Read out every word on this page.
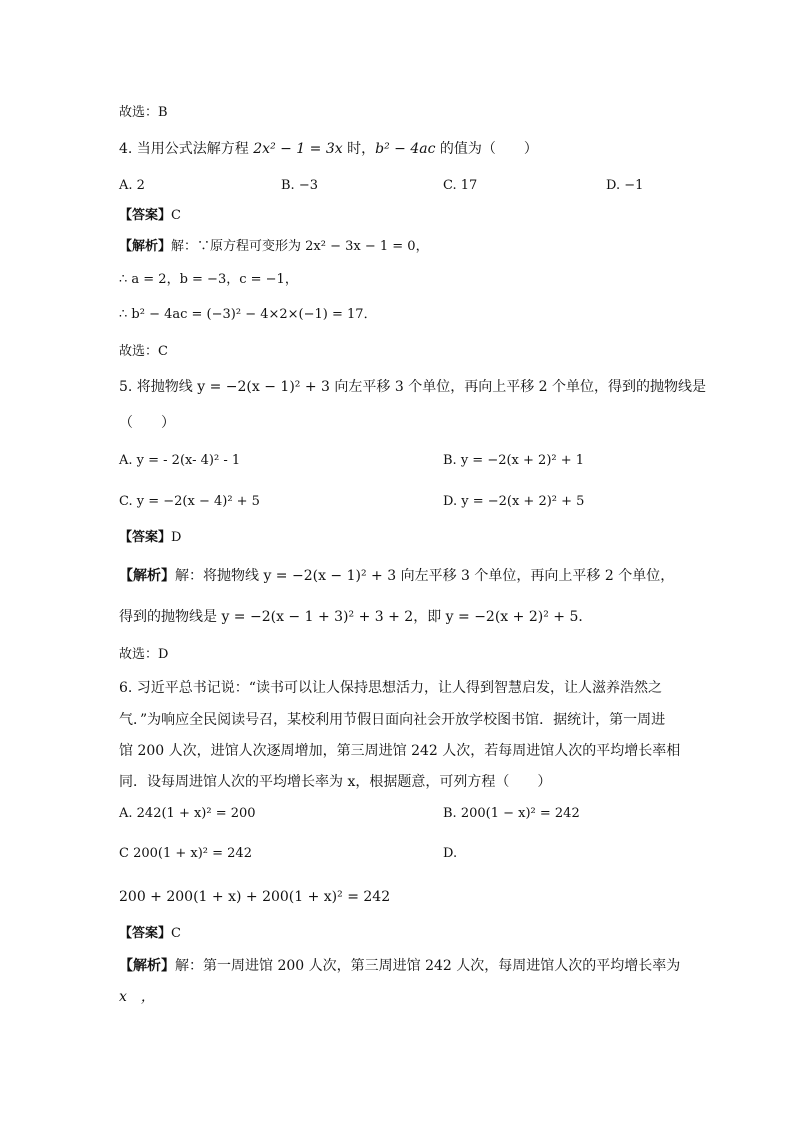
故选：B
4. 当用公式法解方程 2x² − 1 = 3x 时，b² − 4ac 的值为（　　）
A. 2	B. −3	C. 17	D. −1
【答案】C
【解析】解：∵原方程可变形为 2x² − 3x − 1 = 0，
∴ a = 2，b = −3，c = −1，
∴ b² − 4ac = (−3)² − 4×2×(−1) = 17．
故选：C
5. 将抛物线 y = −2(x − 1)² + 3 向左平移 3 个单位，再向上平移 2 个单位，得到的抛物线是
（　　）
A. y = - 2(x- 4)² - 1	B. y = −2(x + 2)² + 1
C. y = −2(x − 4)² + 5	D. y = −2(x + 2)² + 5
【答案】D
【解析】解：将抛物线 y = −2(x − 1)² + 3 向左平移 3 个单位，再向上平移 2 个单位，
得到的抛物线是 y = −2(x − 1 + 3)² + 3 + 2，即 y = −2(x + 2)² + 5．
故选：D
6. 习近平总书记说：“读书可以让人保持思想活力，让人得到智慧启发，让人滋养浩然之
气．”为响应全民阅读号召，某校利用节假日面向社会开放学校图书馆．据统计，第一周进
馆 200 人次，进馆人次逐周增加，第三周进馆 242 人次，若每周进馆人次的平均增长率相
同．设每周进馆人次的平均增长率为 x，根据题意，可列方程（　　）
A. 242(1 + x)² = 200	B. 200(1 − x)² = 242
C 200(1 + x)² = 242	D.
200 + 200(1 + x) + 200(1 + x)² = 242
【答案】C
【解析】解：第一周进馆 200 人次，第三周进馆 242 人次，每周进馆人次的平均增长率为
x　，
